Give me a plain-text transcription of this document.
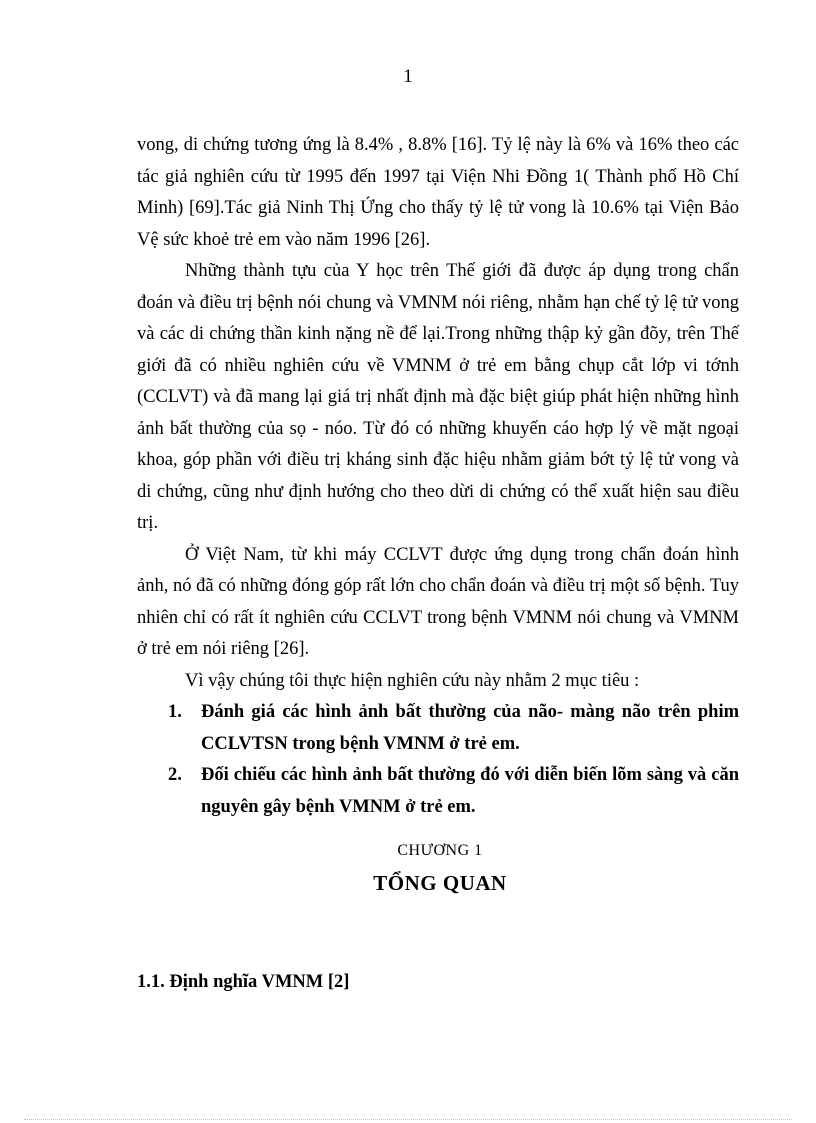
1

vong, di chứng tương ứng là 8.4% , 8.8% [16]. Tỷ lệ này là 6% và 16% theo các tác giả nghiên cứu từ 1995 đến 1997 tại Viện Nhi Đồng 1( Thành phố Hồ Chí Minh) [69].Tác giả Ninh Thị Ứng cho thấy tỷ lệ tử vong là 10.6% tại Viện Bảo Vệ sức khoẻ trẻ em vào năm 1996 [26].

Những thành tựu của Y học trên Thế giới đã được áp dụng trong chẩn đoán và điều trị bệnh nói chung và VMNM nói riêng, nhằm hạn chế tỷ lệ tử vong và các di chứng thần kinh nặng nề để lại.Trong những thập kỷ gần đõy, trên Thế giới đã có nhiều nghiên cứu về VMNM ở trẻ em bằng chụp cắt lớp vi tớnh (CCLVT) và đã mang lại giá trị nhất định mà đặc biệt giúp phát hiện những hình ảnh bất thường của sọ - nóo. Từ đó có những khuyến cáo hợp lý về mặt ngoại khoa, góp phần với điều trị kháng sinh đặc hiệu nhằm giảm bớt tỷ lệ tử vong và di chứng, cũng như định hướng cho theo dừi di chứng có thể xuất hiện sau điều trị.

Ở Việt Nam, từ khi máy CCLVT được ứng dụng trong chẩn đoán hình ảnh, nó đã có những đóng góp rất lớn cho chẩn đoán và điều trị một số bệnh. Tuy nhiên chỉ có rất ít nghiên cứu CCLVT trong bệnh VMNM nói chung và VMNM ở trẻ em nói riêng [26].

Vì vậy chúng tôi thực hiện nghiên cứu này nhằm 2 mục tiêu :

1. Đánh giá các hình ảnh bất thường của não- màng não trên phim CCLVTSN trong bệnh VMNM ở trẻ em.
2. Đối chiếu các hình ảnh bất thường đó với diễn biến lõm sàng và căn nguyên gây bệnh VMNM ở trẻ em.
CHƯƠNG 1
TỔNG QUAN
1.1. Định nghĩa VMNM [2]
